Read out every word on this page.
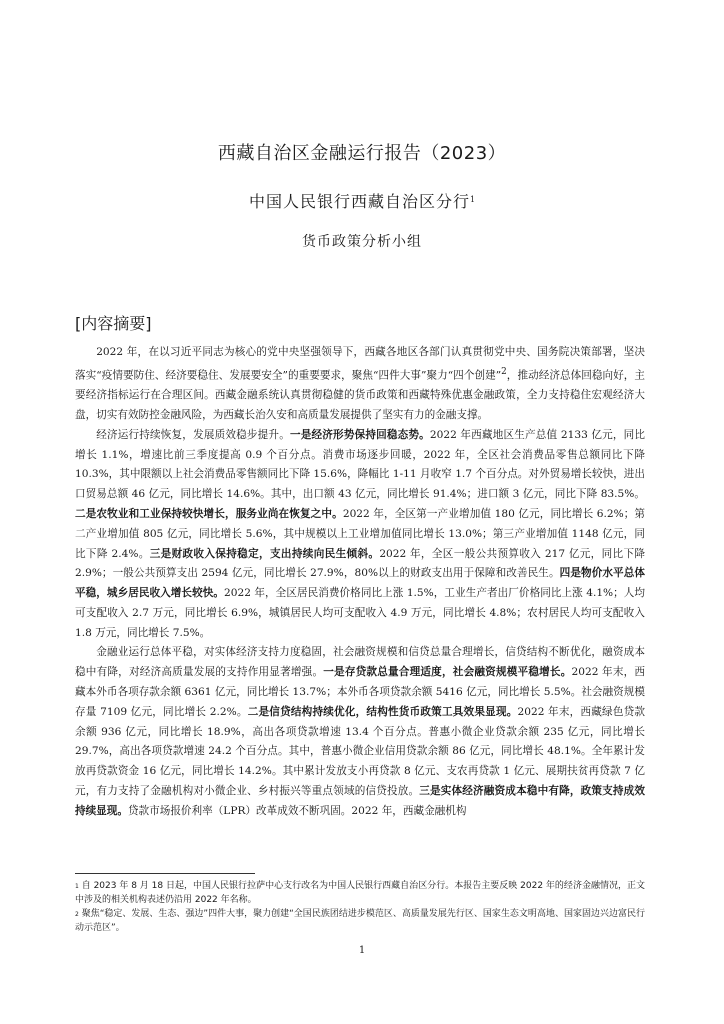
西藏自治区金融运行报告（2023）
中国人民银行西藏自治区分行$^1$
货币政策分析小组
[内容摘要]

2022 年，在以习近平同志为核心的党中央坚强领导下，西藏各地区各部门认真贯彻党中央、国务院决策部署，坚决落实“疫情要防住、经济要稳住、发展要安全”的重要要求，聚焦“四件大事”聚力“四个创建”$^2$，推动经济总体回稳向好，主要经济指标运行在合理区间。西藏金融系统认真贯彻稳健的货币政策和西藏特殊优惠金融政策，全力支持稳住宏观经济大盘，切实有效防控金融风险，为西藏长治久安和高质量发展提供了坚实有力的金融支撑。

经济运行持续恢复，发展质效稳步提升。一是经济形势保持回稳态势。2022 年西藏地区生产总值 2133 亿元，同比增长 1.1%，增速比前三季度提高 0.9 个百分点。消费市场逐步回暖，2022 年，全区社会消费品零售总额同比下降 10.3%，其中限额以上社会消费品零售额同比下降 15.6%，降幅比 1-11 月收窄 1.7 个百分点。对外贸易增长较快，进出口贸易总额 46 亿元，同比增长 14.6%。其中，出口额 43 亿元，同比增长 91.4%；进口额 3 亿元，同比下降 83.5%。二是农牧业和工业保持较快增长，服务业尚在恢复之中。2022 年，全区第一产业增加值 180 亿元，同比增长 6.2%；第二产业增加值 805 亿元，同比增长 5.6%，其中规模以上工业增加值同比增长 13.0%；第三产业增加值 1148 亿元，同比下降 2.4%。三是财政收入保持稳定，支出持续向民生倾斜。2022 年，全区一般公共预算收入 217 亿元，同比下降 2.9%；一般公共预算支出 2594 亿元，同比增长 27.9%，80%以上的财政支出用于保障和改善民生。四是物价水平总体平稳，城乡居民收入增长较快。2022 年，全区居民消费价格同比上涨 1.5%，工业生产者出厂价格同比上涨 4.1%；人均可支配收入 2.7 万元，同比增长 6.9%，城镇居民人均可支配收入 4.9 万元，同比增长 4.8%；农村居民人均可支配收入 1.8 万元，同比增长 7.5%。

金融业运行总体平稳，对实体经济支持力度稳固，社会融资规模和信贷总量合理增长，信贷结构不断优化，融资成本稳中有降，对经济高质量发展的支持作用显著增强。一是存贷款总量合理适度，社会融资规模平稳增长。2022 年末，西藏本外币各项存款余额 6361 亿元，同比增长 13.7%；本外币各项贷款余额 5416 亿元，同比增长 5.5%。社会融资规模存量 7109 亿元，同比增长 2.2%。二是信贷结构持续优化，结构性货币政策工具效果显现。2022 年末，西藏绿色贷款余额 936 亿元，同比增长 18.9%，高出各项贷款增速 13.4 个百分点。普惠小微企业贷款余额 235 亿元，同比增长 29.7%，高出各项贷款增速 24.2 个百分点。其中，普惠小微企业信用贷款余额 86 亿元，同比增长 48.1%。全年累计发放再贷款资金 16 亿元，同比增长 14.2%。其中累计发放支小再贷款 8 亿元、支农再贷款 1 亿元、展期扶贫再贷款 7 亿元，有力支持了金融机构对小微企业、乡村振兴等重点领域的信贷投放。三是实体经济融资成本稳中有降，政策支持成效持续显现。贷款市场报价利率（LPR）改革成效不断巩固。2022 年，西藏金融机构

$^1$ 自 2023 年 8 月 18 日起，中国人民银行拉萨中心支行改名为中国人民银行西藏自治区分行。本报告主要反映 2022 年的经济金融情况，正文中涉及的相关机构表述仍沿用 2022 年名称。

$^2$ 聚焦“稳定、发展、生态、强边”四件大事，聚力创建“全国民族团结进步模范区、高质量发展先行区、国家生态文明高地、国家固边兴边富民行动示范区”。

1
